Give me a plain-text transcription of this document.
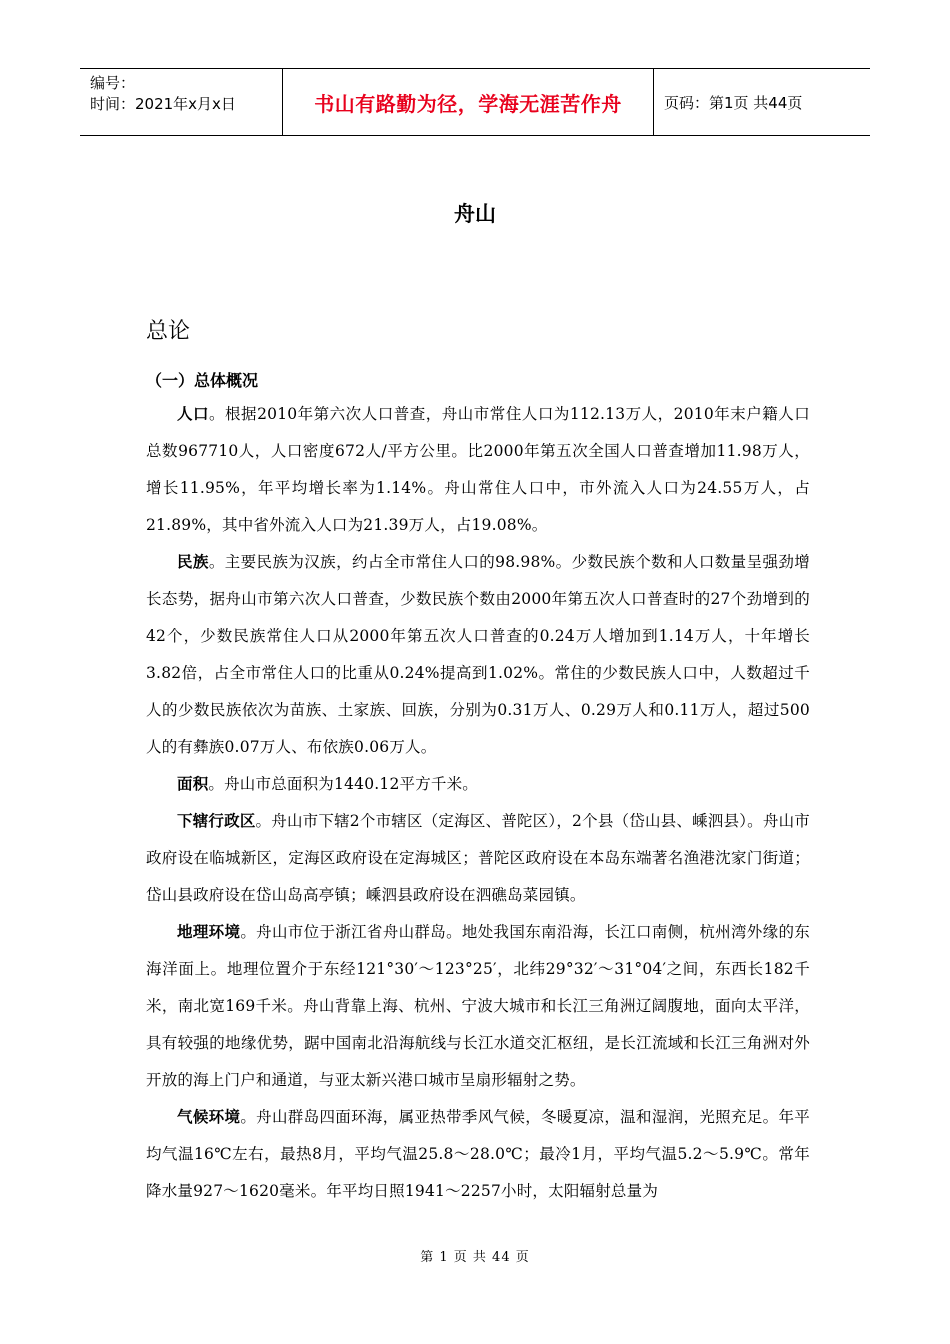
编号：
时间：2021年x月x日	书山有路勤为径，学海无涯苦作舟	页码：第1页 共44页
舟山
总论
（一）总体概况

人口。根据2010年第六次人口普查，舟山市常住人口为112.13万人，2010年末户籍人口总数967710人，人口密度672人/平方公里。比2000年第五次全国人口普查增加11.98万人，增长11.95%，年平均增长率为1.14%。舟山常住人口中，市外流入人口为24.55万人，占21.89%，其中省外流入人口为21.39万人，占19.08%。

民族。主要民族为汉族，约占全市常住人口的98.98%。少数民族个数和人口数量呈强劲增长态势，据舟山市第六次人口普查，少数民族个数由2000年第五次人口普查时的27个劲增到的42个，少数民族常住人口从2000年第五次人口普查的0.24万人增加到1.14万人，十年增长3.82倍，占全市常住人口的比重从0.24%提高到1.02%。常住的少数民族人口中，人数超过千人的少数民族依次为苗族、土家族、回族，分别为0.31万人、0.29万人和0.11万人，超过500人的有彝族0.07万人、布依族0.06万人。

面积。舟山市总面积为1440.12平方千米。

下辖行政区。舟山市下辖2个市辖区（定海区、普陀区），2个县（岱山县、嵊泗县）。舟山市政府设在临城新区，定海区政府设在定海城区；普陀区政府设在本岛东端著名渔港沈家门街道；岱山县政府设在岱山岛高亭镇；嵊泗县政府设在泗礁岛菜园镇。

地理环境。舟山市位于浙江省舟山群岛。地处我国东南沿海，长江口南侧，杭州湾外缘的东海洋面上。地理位置介于东经121°30′～123°25′，北纬29°32′～31°04′之间，东西长182千米，南北宽169千米。舟山背靠上海、杭州、宁波大城市和长江三角洲辽阔腹地，面向太平洋，具有较强的地缘优势，踞中国南北沿海航线与长江水道交汇枢纽，是长江流域和长江三角洲对外开放的海上门户和通道，与亚太新兴港口城市呈扇形辐射之势。

气候环境。舟山群岛四面环海，属亚热带季风气候，冬暖夏凉，温和湿润，光照充足。年平均气温16℃左右，最热8月，平均气温25.8～28.0℃；最冷1月，平均气温5.2～5.9℃。常年降水量927～1620毫米。年平均日照1941～2257小时，太阳辐射总量为

第 1 页 共 44 页
